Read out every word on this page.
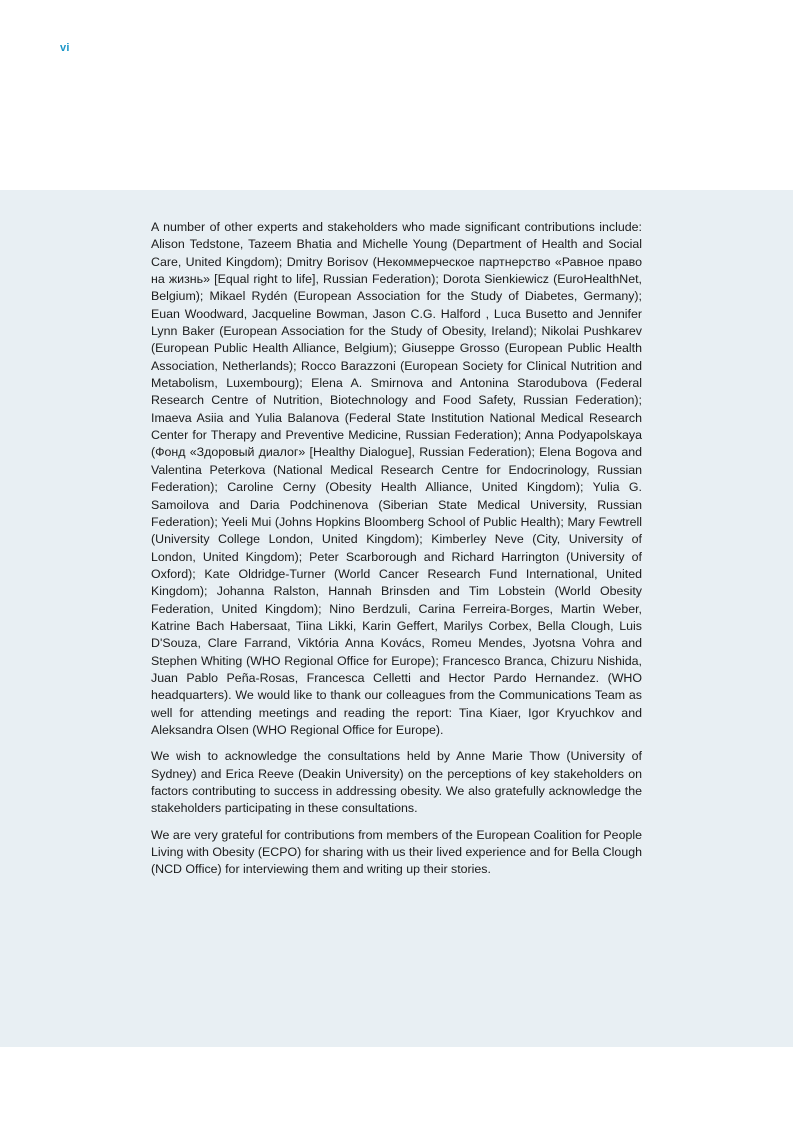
vi

A number of other experts and stakeholders who made significant contributions include: Alison Tedstone, Tazeem Bhatia and Michelle Young (Department of Health and Social Care, United Kingdom); Dmitry Borisov (Некоммерческое партнерство «Равное право на жизнь» [Equal right to life], Russian Federation); Dorota Sienkiewicz (EuroHealthNet, Belgium); Mikael Rydén (European Association for the Study of Diabetes, Germany); Euan Woodward, Jacqueline Bowman, Jason C.G. Halford , Luca Busetto and Jennifer Lynn Baker (European Association for the Study of Obesity, Ireland); Nikolai Pushkarev (European Public Health Alliance, Belgium); Giuseppe Grosso (European Public Health Association, Netherlands); Rocco Barazzoni (European Society for Clinical Nutrition and Metabolism, Luxembourg); Elena A. Smirnova and Antonina Starodubova (Federal Research Centre of Nutrition, Biotechnology and Food Safety, Russian Federation); Imaeva Asiia and Yulia Balanova (Federal State Institution National Medical Research Center for Therapy and Preventive Medicine, Russian Federation); Anna Podyapolskaya (Фонд «Здоровый диалог» [Healthy Dialogue], Russian Federation); Elena Bogova and Valentina Peterkova (National Medical Research Centre for Endocrinology, Russian Federation); Caroline Cerny (Obesity Health Alliance, United Kingdom); Yulia G. Samoilova and Daria Podchinenova (Siberian State Medical University, Russian Federation); Yeeli Mui (Johns Hopkins Bloomberg School of Public Health); Mary Fewtrell (University College London, United Kingdom); Kimberley Neve (City, University of London, United Kingdom); Peter Scarborough and Richard Harrington (University of Oxford); Kate Oldridge-Turner (World Cancer Research Fund International, United Kingdom); Johanna Ralston, Hannah Brinsden and Tim Lobstein (World Obesity Federation, United Kingdom); Nino Berdzuli, Carina Ferreira-Borges, Martin Weber, Katrine Bach Habersaat, Tiina Likki, Karin Geffert, Marilys Corbex, Bella Clough, Luis D'Souza, Clare Farrand, Viktória Anna Kovács, Romeu Mendes, Jyotsna Vohra and Stephen Whiting (WHO Regional Office for Europe); Francesco Branca, Chizuru Nishida, Juan Pablo Peña-Rosas, Francesca Celletti and Hector Pardo Hernandez. (WHO headquarters). We would like to thank our colleagues from the Communications Team as well for attending meetings and reading the report: Tina Kiaer, Igor Kryuchkov and Aleksandra Olsen (WHO Regional Office for Europe).

We wish to acknowledge the consultations held by Anne Marie Thow (University of Sydney) and Erica Reeve (Deakin University) on the perceptions of key stakeholders on factors contributing to success in addressing obesity. We also gratefully acknowledge the stakeholders participating in these consultations.

We are very grateful for contributions from members of the European Coalition for People Living with Obesity (ECPO) for sharing with us their lived experience and for Bella Clough (NCD Office) for interviewing them and writing up their stories.
